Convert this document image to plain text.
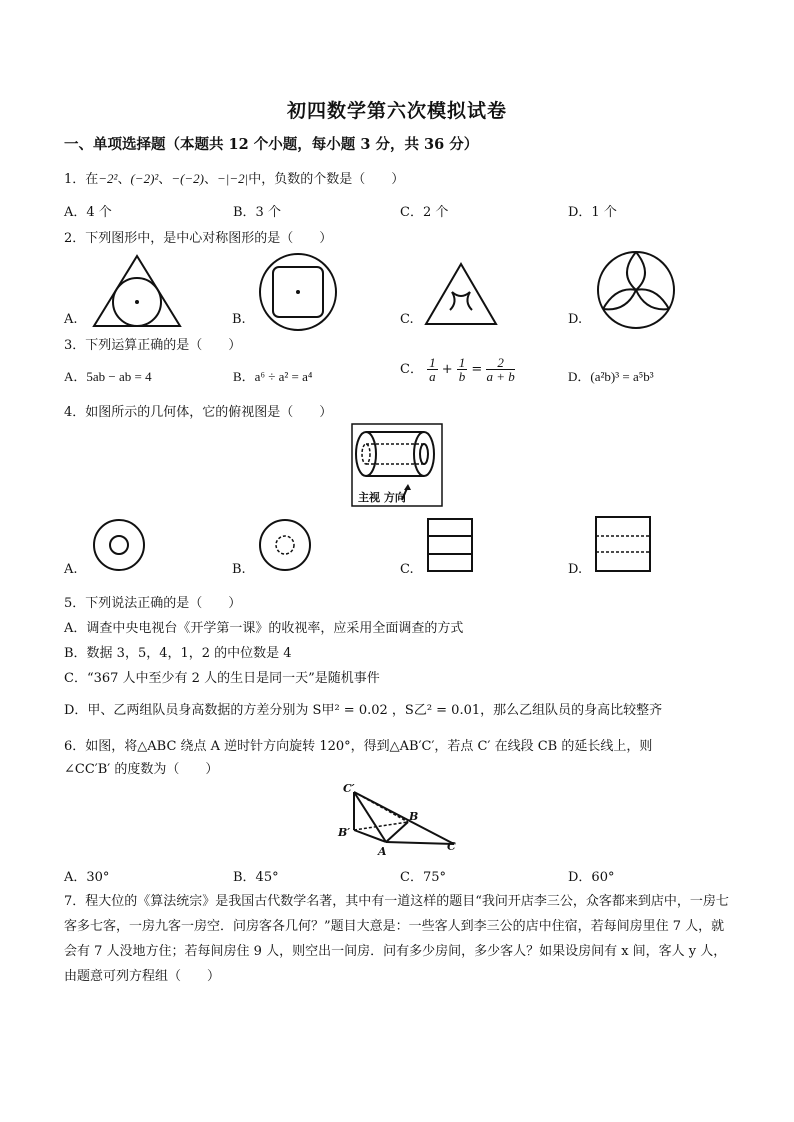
初四数学第六次模拟试卷
一、单项选择题（本题共 12 个小题，每小题 3 分，共 36 分）
1．在−2²、(−2)²、−(−2)、−|−2|中，负数的个数是（　　）
A．4 个	B．3 个	C．2 个	D．1 个
2．下列图形中，是中心对称图形的是（　　）
A.	B.	C.	D.
3．下列运算正确的是（　　）
A．5ab − ab = 4	B．a⁶ ÷ a² = a⁴	C． $\frac{1}{a} + \frac{1}{b} = \frac{2}{a + b}$	D．(a²b)³ = a⁵b³
4．如图所示的几何体，它的俯视图是（　　）
主视 方向
A.	B.	C.	D.
5．下列说法正确的是（　　）
A．调查中央电视台《开学第一课》的收视率，应采用全面调查的方式
B．数据 3，5，4，1，2 的中位数是 4
C．“367 人中至少有 2 人的生日是同一天”是随机事件
D．甲、乙两组队员身高数据的方差分别为 S甲² = 0.02 ，S乙² = 0.01，那么乙组队员的身高比较整齐
6．如图，将△ABC 绕点 A 逆时针方向旋转 120°，得到△AB′C′，若点 C′ 在线段 CB 的延长线上，则
∠CC′B′ 的度数为（　　）
C′
B
B′
A	C
A．30°	B．45°	C．75°	D．60°
7．程大位的《算法统宗》是我国古代数学名著，其中有一道这样的题目“我问开店李三公，众客都来到店中，一房七客多七客，一房九客一房空．问房客各几何？”题目大意是：一些客人到李三公的店中住宿，若每间房里住 7 人，就会有 7 人没地方住；若每间房住 9 人，则空出一间房．问有多少房间，多少客人？如果设房间有 x 间，客人 y 人，由题意可列方程组（　　）
